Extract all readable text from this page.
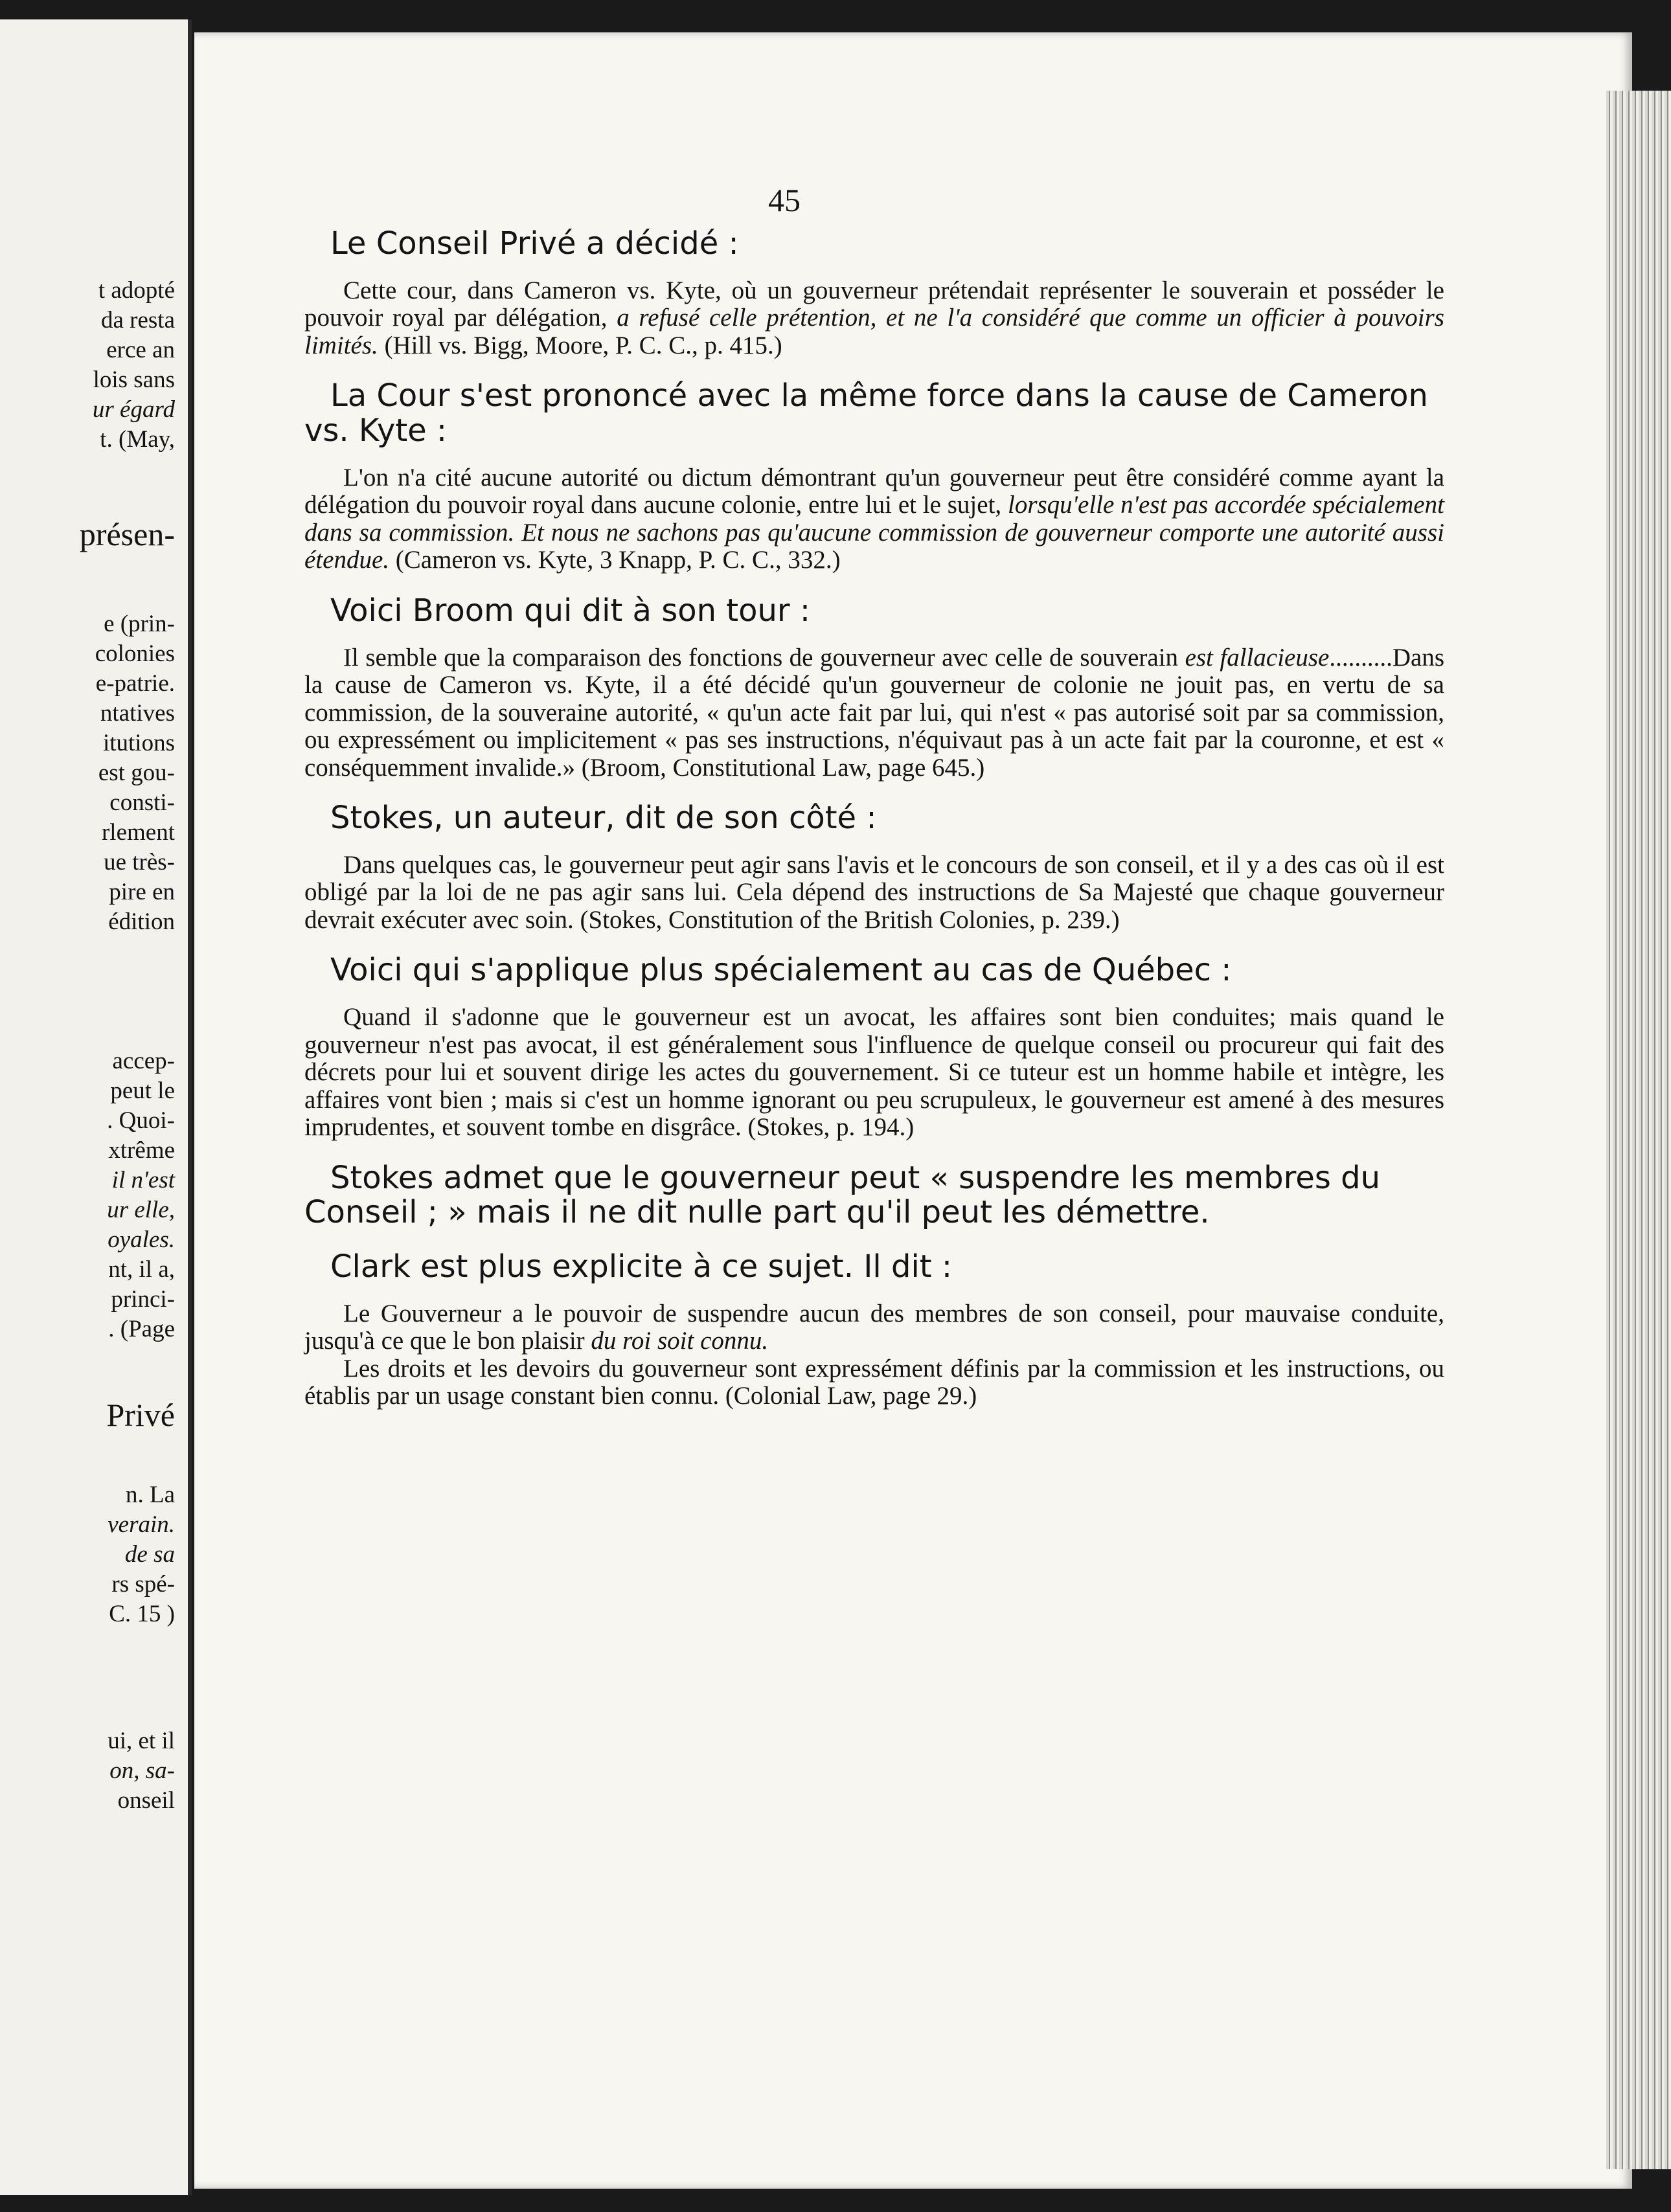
t adopté
da resta
erce an
lois sans
ur égard
t. (May,
présen-
e (prin-
colonies
e-patrie.
ntatives
itutions
est gou-
consti-
rlement
ue très-
pire en
édition
accep-
peut le
. Quoi-
xtrême
il n'est
ur elle,
oyales.
nt, il a,
princi-
. (Page
Privé
n. La
verain.
de sa
rs spé-
C. 15 )
ui, et il
on, sa-
onseil
45
Le Conseil Privé a décidé :

Cette cour, dans Cameron vs. Kyte, où un gouverneur prétendait représenter le souverain et posséder le pouvoir royal par délégation, a refusé celle prétention, et ne l'a considéré que comme un officier à pouvoirs limités. (Hill vs. Bigg, Moore, P. C. C., p. 415.)

La Cour s'est prononcé avec la même force dans la cause de Cameron vs. Kyte :

L'on n'a cité aucune autorité ou dictum démontrant qu'un gouverneur peut être considéré comme ayant la délégation du pouvoir royal dans aucune colonie, entre lui et le sujet, lorsqu'elle n'est pas accordée spécialement dans sa commission. Et nous ne sachons pas qu'aucune commission de gouverneur comporte une autorité aussi étendue. (Cameron vs. Kyte, 3 Knapp, P. C. C., 332.)

Voici Broom qui dit à son tour :

Il semble que la comparaison des fonctions de gouverneur avec celle de souverain est fallacieuse..........Dans la cause de Cameron vs. Kyte, il a été décidé qu'un gouverneur de colonie ne jouit pas, en vertu de sa commission, de la souveraine autorité, « qu'un acte fait par lui, qui n'est « pas autorisé soit par sa commission, ou expressément ou implicitement « pas ses instructions, n'équivaut pas à un acte fait par la couronne, et est « conséquemment invalide.» (Broom, Constitutional Law, page 645.)

Stokes, un auteur, dit de son côté :

Dans quelques cas, le gouverneur peut agir sans l'avis et le concours de son conseil, et il y a des cas où il est obligé par la loi de ne pas agir sans lui. Cela dépend des instructions de Sa Majesté que chaque gouverneur devrait exécuter avec soin. (Stokes, Constitution of the British Colonies, p. 239.)

Voici qui s'applique plus spécialement au cas de Québec :

Quand il s'adonne que le gouverneur est un avocat, les affaires sont bien conduites; mais quand le gouverneur n'est pas avocat, il est généralement sous l'influence de quelque conseil ou procureur qui fait des décrets pour lui et souvent dirige les actes du gouvernement. Si ce tuteur est un homme habile et intègre, les affaires vont bien ; mais si c'est un homme ignorant ou peu scrupuleux, le gouverneur est amené à des mesures imprudentes, et souvent tombe en disgrâce. (Stokes, p. 194.)

Stokes admet que le gouverneur peut « suspendre les membres du Conseil ; » mais il ne dit nulle part qu'il peut les démettre.
Clark est plus explicite à ce sujet. Il dit :

Le Gouverneur a le pouvoir de suspendre aucun des membres de son conseil, pour mauvaise conduite, jusqu'à ce que le bon plaisir du roi soit connu.

Les droits et les devoirs du gouverneur sont expressément définis par la commission et les instructions, ou établis par un usage constant bien connu. (Colonial Law, page 29.)
